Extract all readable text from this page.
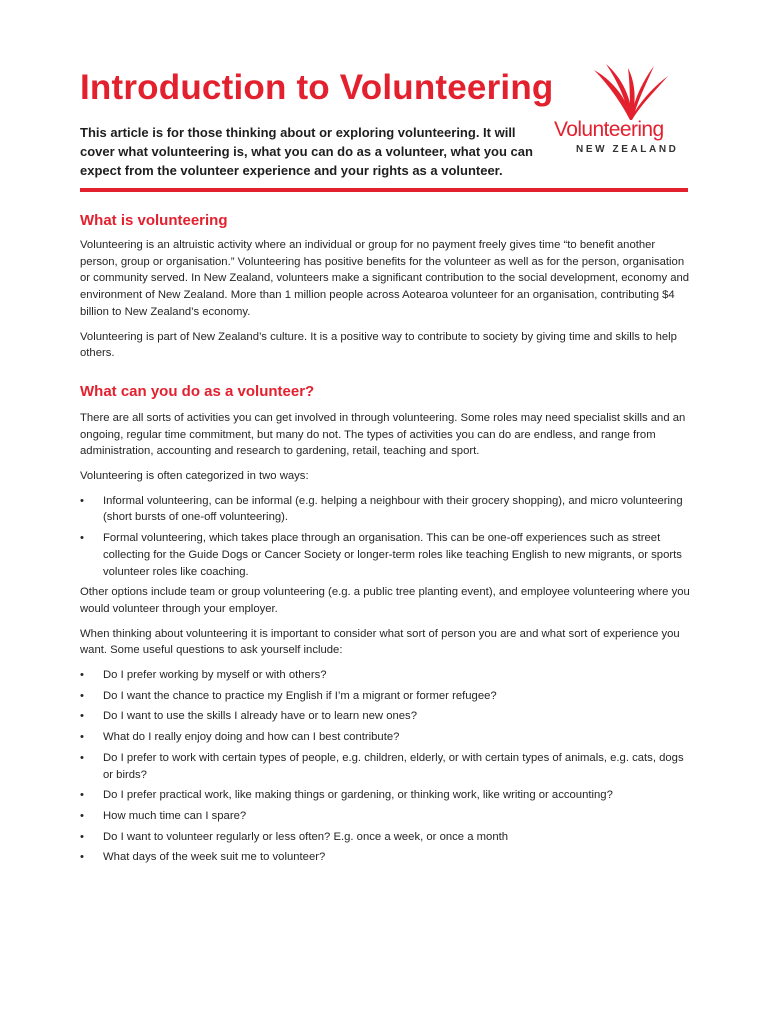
Introduction to Volunteering

This article is for those thinking about or exploring volunteering. It will cover what volunteering is, what you can do as a volunteer, what you can expect from the volunteer experience and your rights as a volunteer.

Volunteering
NEW ZEALAND
What is volunteering

Volunteering is an altruistic activity where an individual or group for no payment freely gives time “to benefit another person, group or organisation.” Volunteering has positive benefits for the volunteer as well as for the person, organisation or community served. In New Zealand, volunteers make a significant contribution to the social development, economy and environment of New Zealand. More than 1 million people across Aotearoa volunteer for an organisation, contributing $4 billion to New Zealand’s economy.

Volunteering is part of New Zealand’s culture. It is a positive way to contribute to society by giving time and skills to help others.

What can you do as a volunteer?

There are all sorts of activities you can get involved in through volunteering. Some roles may need specialist skills and an ongoing, regular time commitment, but many do not. The types of activities you can do are endless, and range from administration, accounting and research to gardening, retail, teaching and sport.

Volunteering is often categorized in two ways:

• Informal volunteering, can be informal (e.g. helping a neighbour with their grocery shopping), and micro volunteering (short bursts of one-off volunteering).
• Formal volunteering, which takes place through an organisation. This can be one-off experiences such as street collecting for the Guide Dogs or Cancer Society or longer-term roles like teaching English to new migrants, or sports volunteer roles like coaching.

Other options include team or group volunteering (e.g. a public tree planting event), and employee volunteering where you would volunteer through your employer.

When thinking about volunteering it is important to consider what sort of person you are and what sort of experience you want. Some useful questions to ask yourself include:

• Do I prefer working by myself or with others?
• Do I want the chance to practice my English if I’m a migrant or former refugee?
• Do I want to use the skills I already have or to learn new ones?
• What do I really enjoy doing and how can I best contribute?
• Do I prefer to work with certain types of people, e.g. children, elderly, or with certain types of animals, e.g. cats, dogs or birds?
• Do I prefer practical work, like making things or gardening, or thinking work, like writing or accounting?
• How much time can I spare?
• Do I want to volunteer regularly or less often? E.g. once a week, or once a month
• What days of the week suit me to volunteer?
